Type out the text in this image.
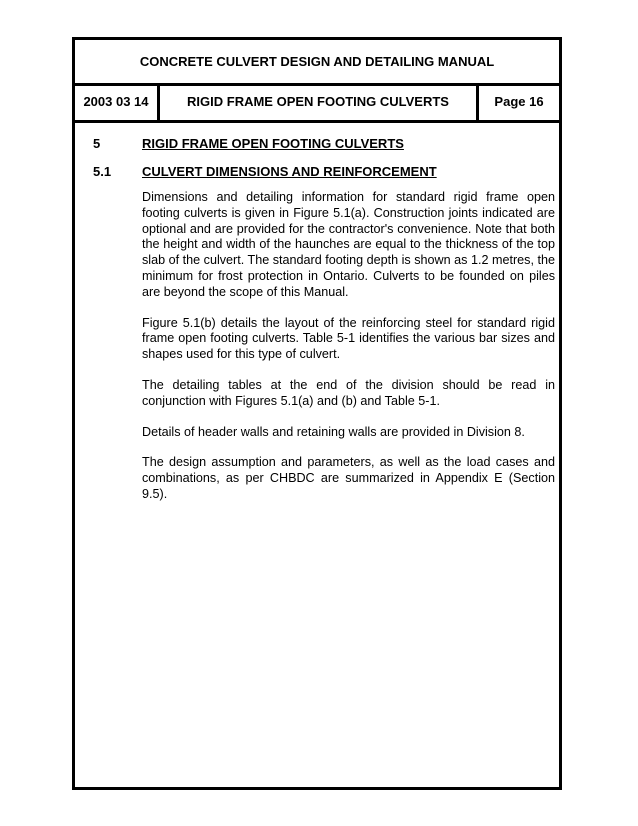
CONCRETE CULVERT DESIGN AND DETAILING MANUAL
2003 03 14	RIGID FRAME OPEN FOOTING CULVERTS	Page 16
5	RIGID FRAME OPEN FOOTING CULVERTS
5.1	CULVERT DIMENSIONS AND REINFORCEMENT

Dimensions and detailing information for standard rigid frame open footing culverts is given in Figure 5.1(a). Construction joints indicated are optional and are provided for the contractor's convenience. Note that both the height and width of the haunches are equal to the thickness of the top slab of the culvert. The standard footing depth is shown as 1.2 metres, the minimum for frost protection in Ontario. Culverts to be founded on piles are beyond the scope of this Manual.

Figure 5.1(b) details the layout of the reinforcing steel for standard rigid frame open footing culverts. Table 5-1 identifies the various bar sizes and shapes used for this type of culvert.

The detailing tables at the end of the division should be read in conjunction with Figures 5.1(a) and (b) and Table 5-1.

Details of header walls and retaining walls are provided in Division 8.

The design assumption and parameters, as well as the load cases and combinations, as per CHBDC are summarized in Appendix E (Section 9.5).
